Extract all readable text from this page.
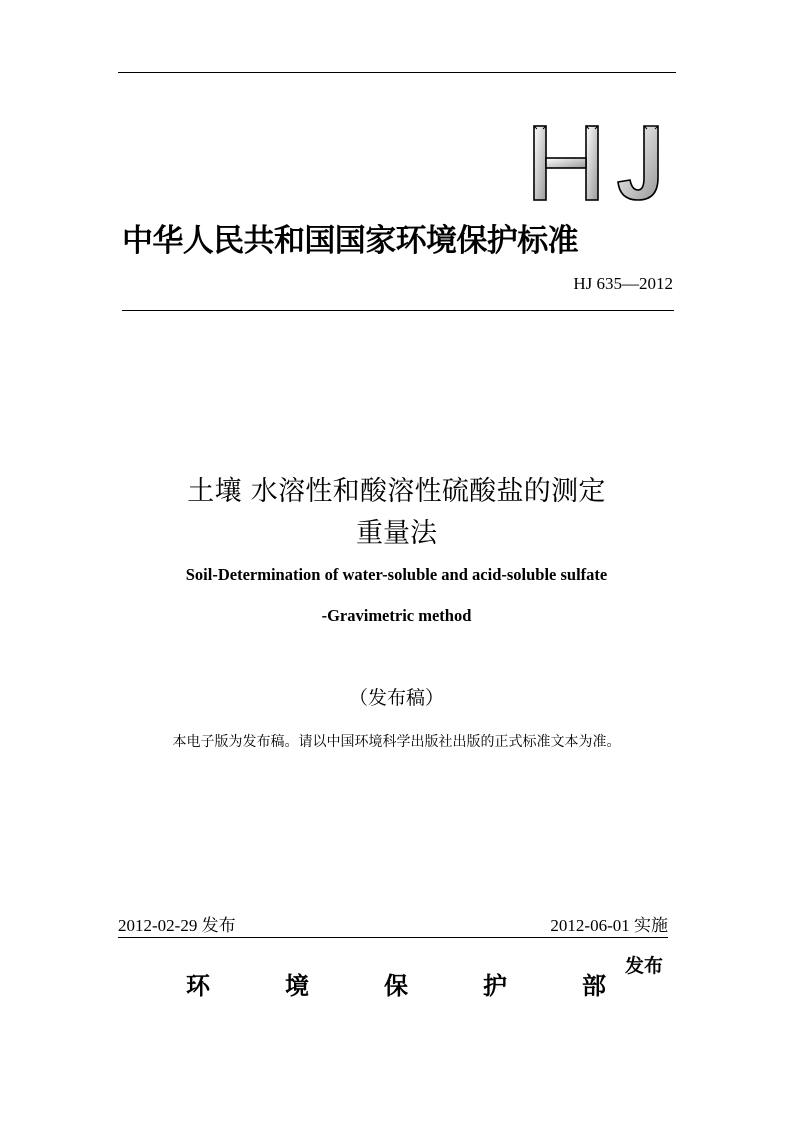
中华人民共和国国家环境保护标准
HJ 635—2012
土壤 水溶性和酸溶性硫酸盐的测定
重量法
Soil-Determination of water-soluble and acid-soluble sulfate
-Gravimetric method
（发布稿）
本电子版为发布稿。请以中国环境科学出版社出版的正式标准文本为准。
2012-02-29 发布	2012-06-01 实施
环	境	保	护	部
发布
